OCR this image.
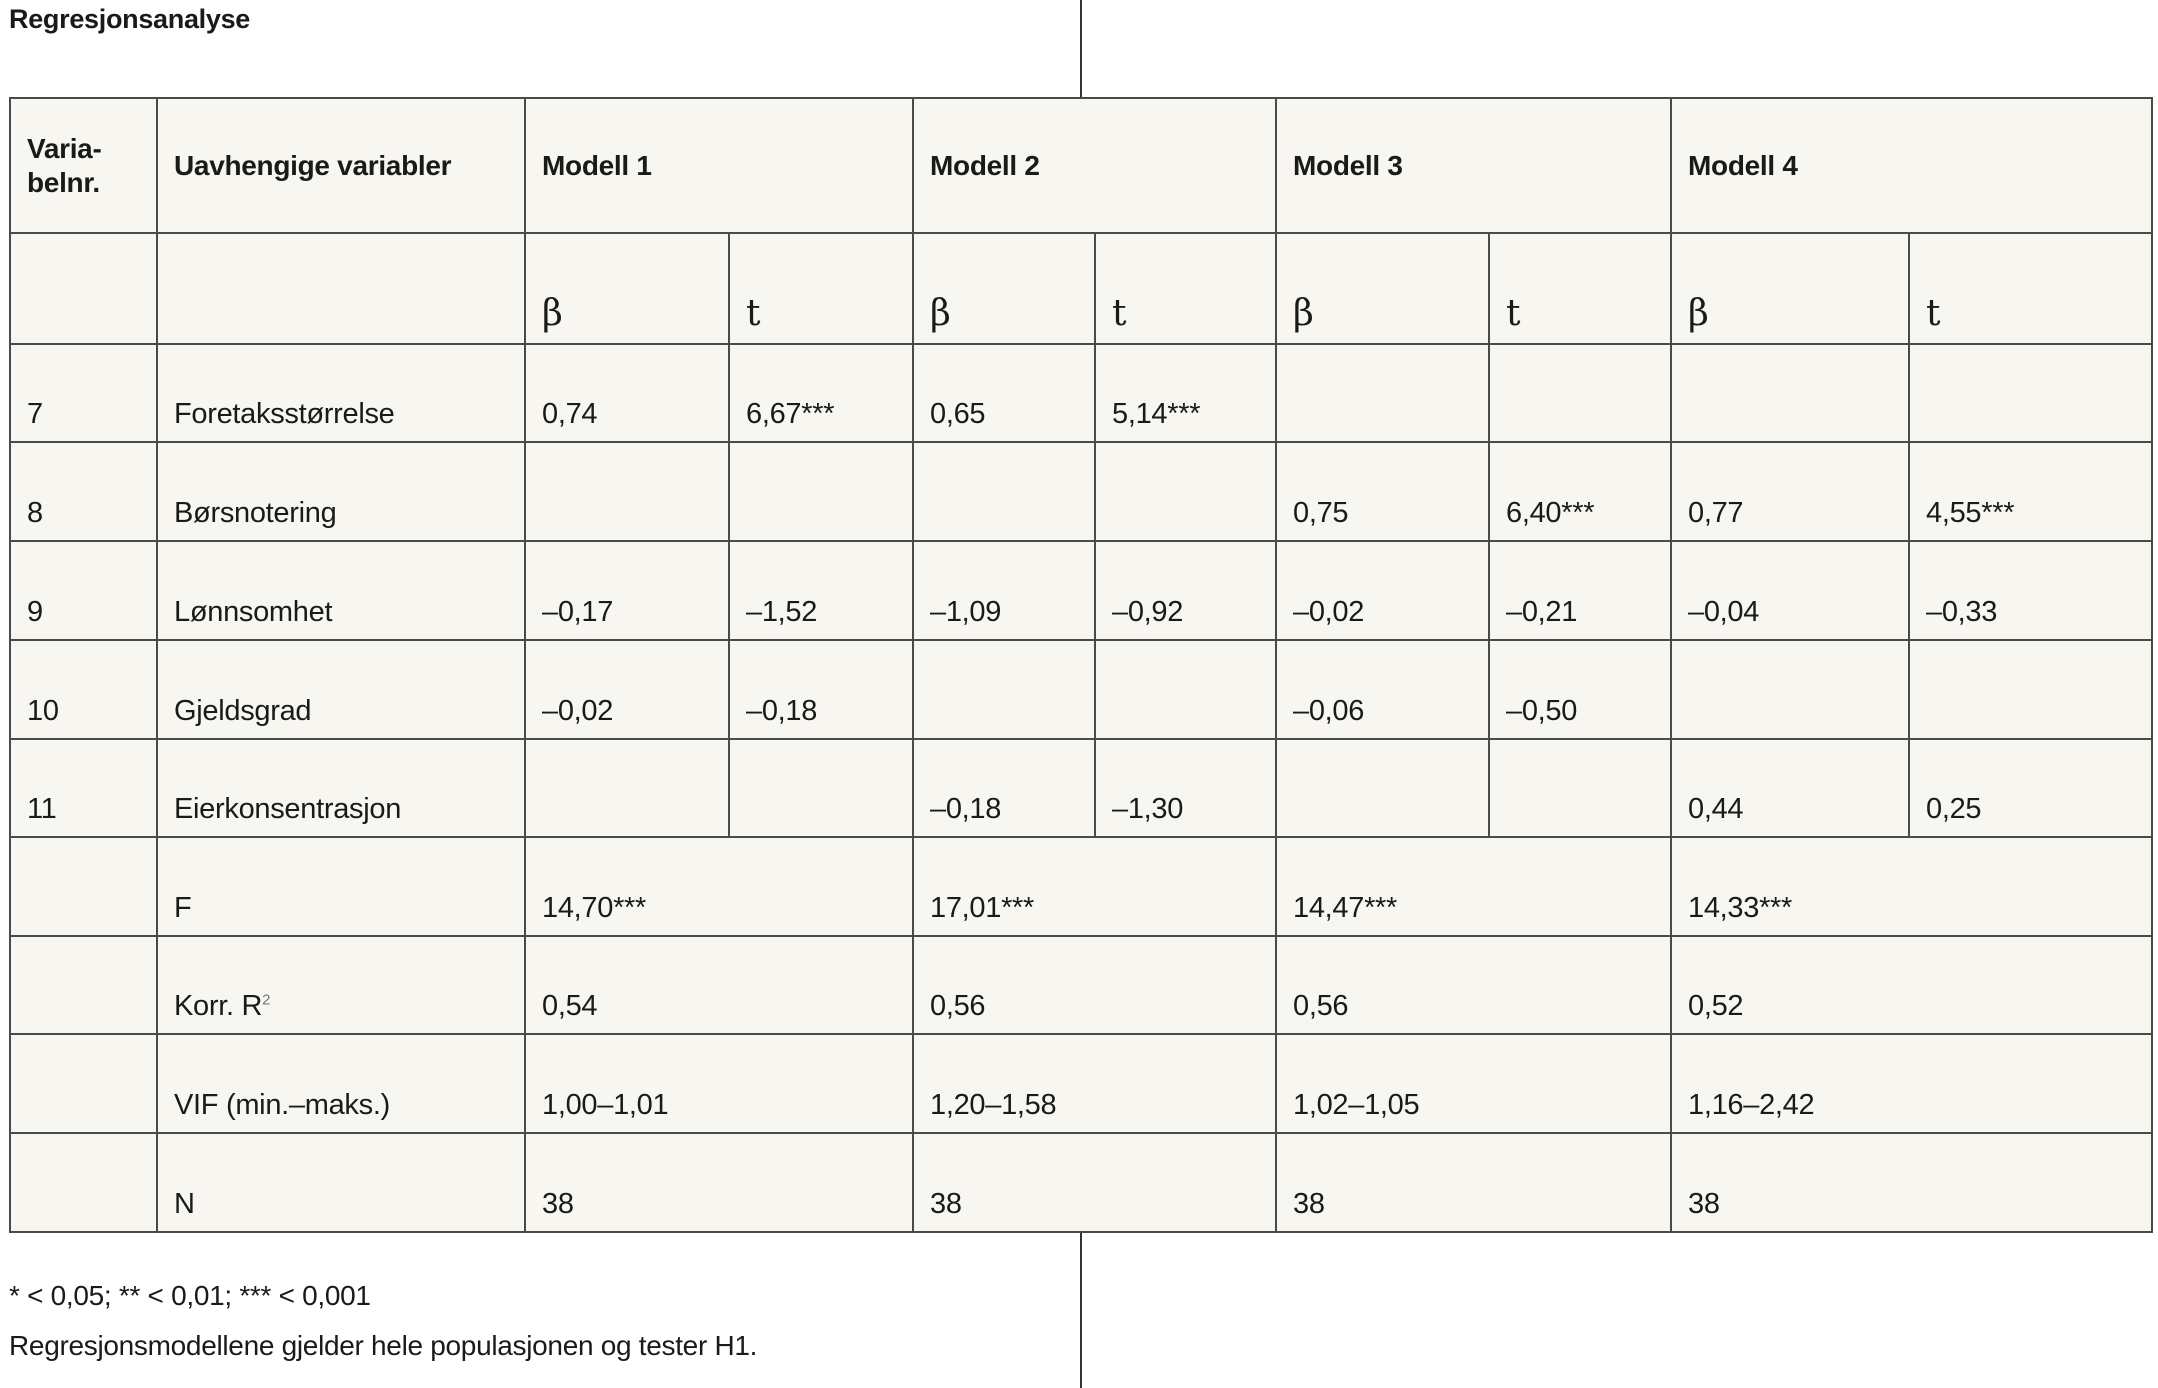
Regresjonsanalyse
Varia-
belnr.	Uavhengige variabler	Modell 1		Modell 2		Modell 3		Modell 4	
		β	t	β	t	β	t	β	t
7	Foretaksstørrelse	0,74	6,67***	0,65	5,14***				
8	Børsnotering					0,75	6,40***	0,77	4,55***
9	Lønnsomhet	–0,17	–1,52	–1,09	–0,92	–0,02	–0,21	–0,04	–0,33
10	Gjeldsgrad	–0,02	–0,18			–0,06	–0,50		
11	Eierkonsentrasjon			–0,18	–1,30			0,44	0,25
	F	14,70***		17,01***		14,47***		14,33***	
	Korr. $R^2$	0,54		0,56		0,56		0,52	
	VIF (min.–maks.)	1,00–1,01		1,20–1,58		1,02–1,05		1,16–2,42	
	N	38		38		38		38	
* < 0,05; ** < 0,01; *** < 0,001
Regresjonsmodellene gjelder hele populasjonen og tester H1.
